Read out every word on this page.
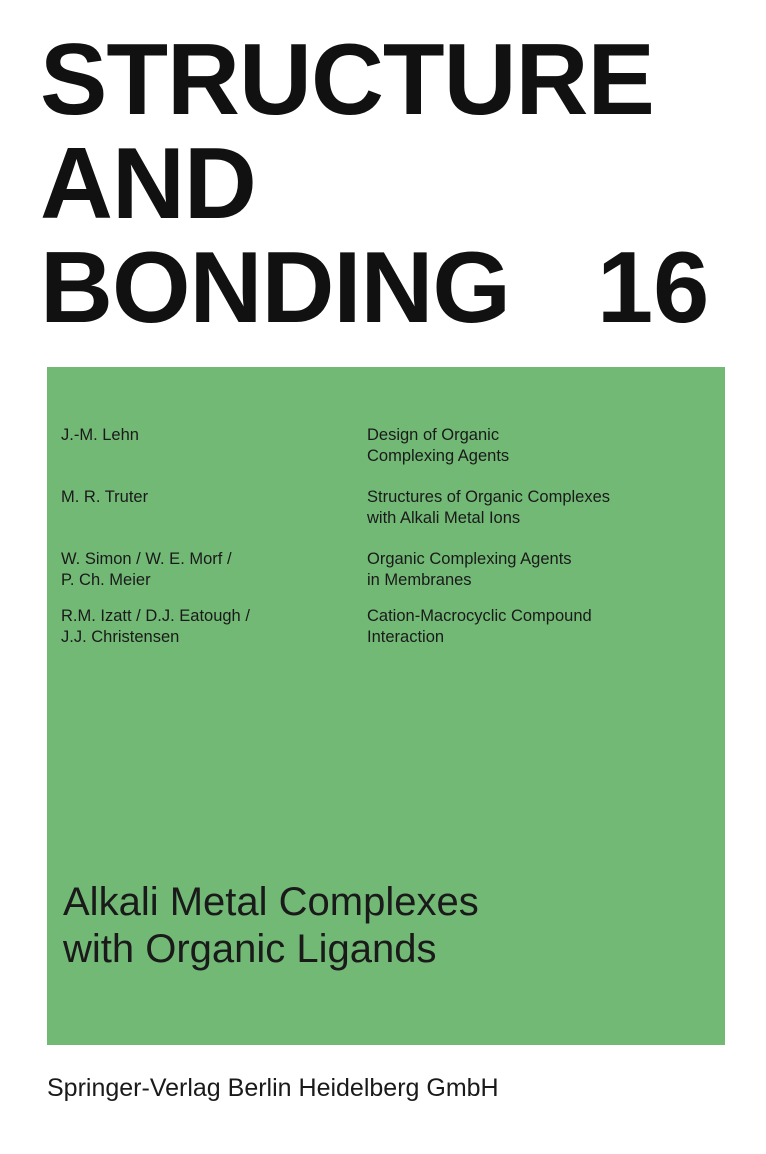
STRUCTURE
AND
BONDING 16
J.-M. Lehn	Design of Organic
Complexing Agents
M. R. Truter	Structures of Organic Complexes
with Alkali Metal Ions
W. Simon / W. E. Morf /
P. Ch. Meier
Organic Complexing Agents
in Membranes
R.M. Izatt / D.J. Eatough /
J.J. Christensen
Cation-Macrocyclic Compound
Interaction
Alkali Metal Complexes
with Organic Ligands
Springer-Verlag Berlin Heidelberg GmbH
